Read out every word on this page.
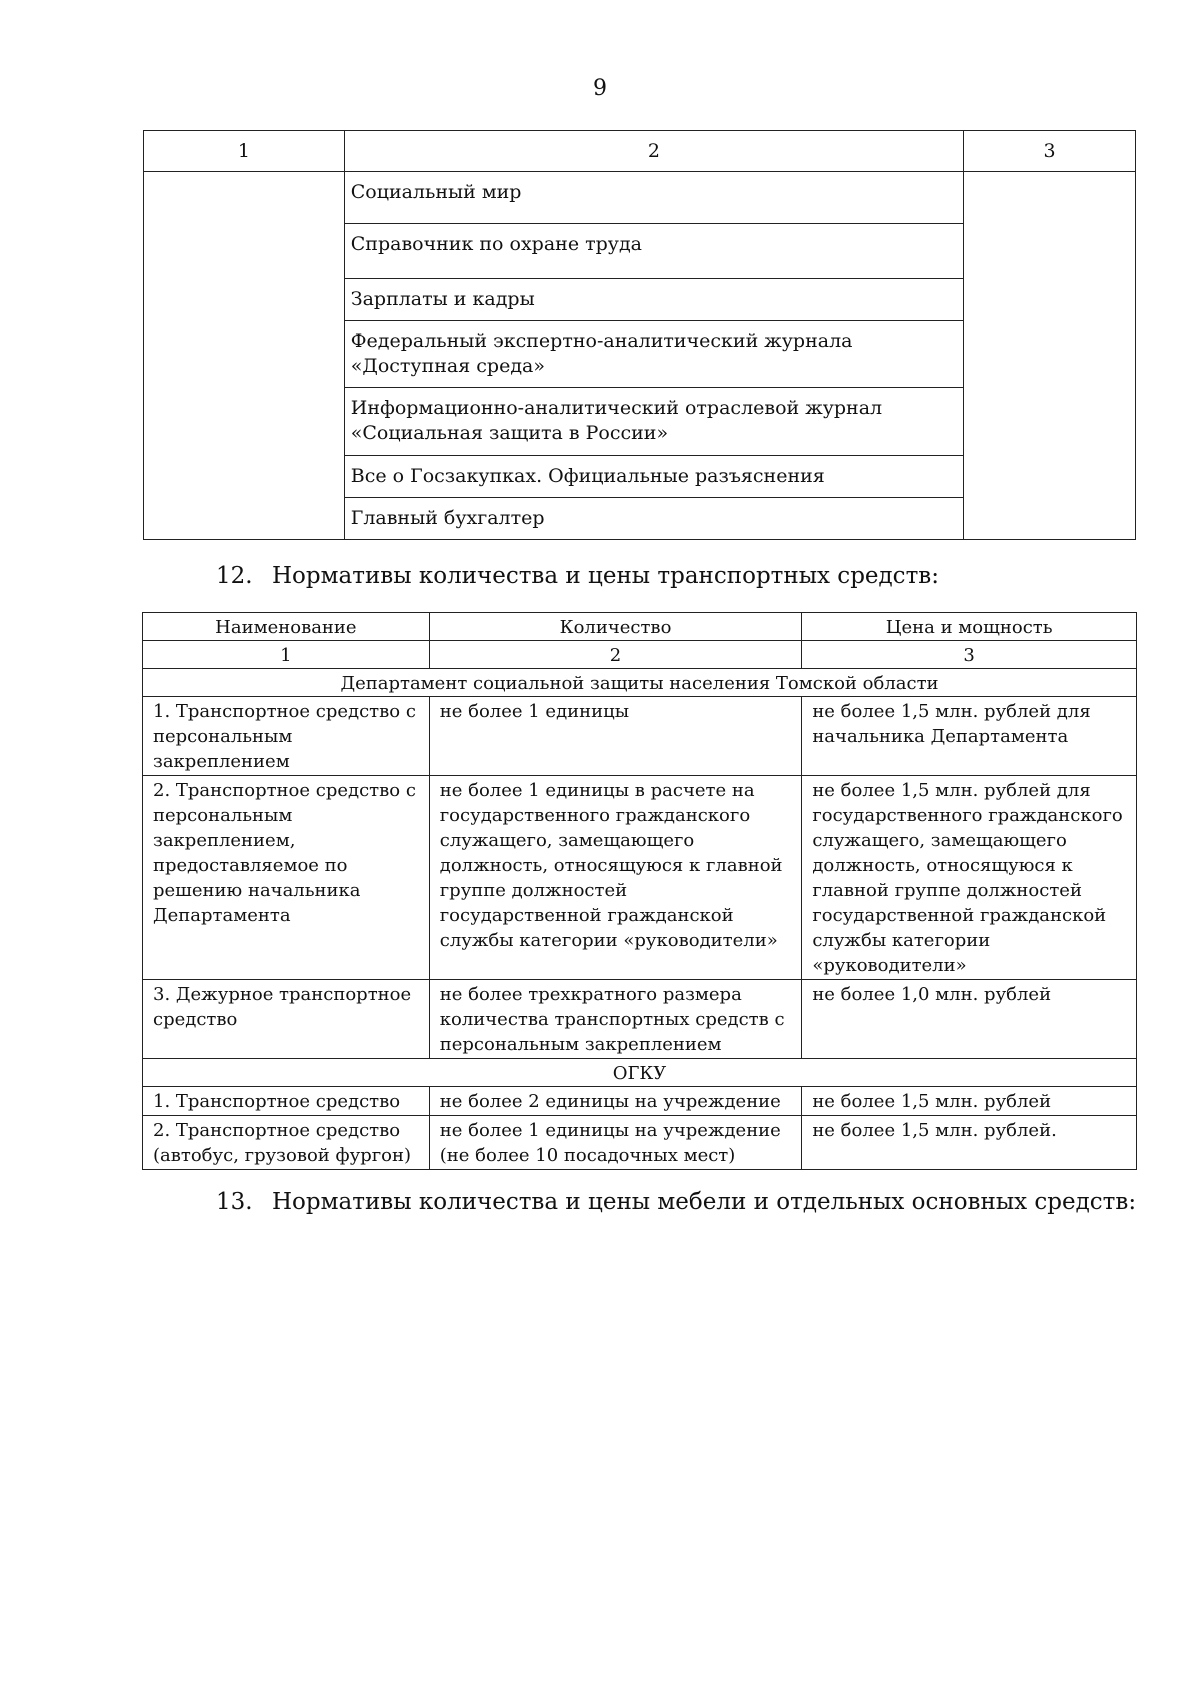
9
1	2	3
	Социальный мир	
	Справочник по охране труда	
	Зарплаты и кадры	
	Федеральный экспертно-аналитический журнала «Доступная среда»	
	Информационно-аналитический отраслевой журнал «Социальная защита в России»	
	Все о Госзакупках. Официальные разъяснения	
	Главный бухгалтер	
12. Нормативы количества и цены транспортных средств:
Наименование	Количество	Цена и мощность
1	2	3
Департамент социальной защиты населения Томской области		
1. Транспортное средство с персональным закреплением	не более 1 единицы	не более 1,5 млн. рублей для начальника Департамента
2. Транспортное средство с персональным закреплением, предоставляемое по решению начальника Департамента	не более 1 единицы в расчете на государственного гражданского служащего, замещающего должность, относящуюся к главной группе должностей государственной гражданской службы категории «руководители»	не более 1,5 млн. рублей для государственного гражданского служащего, замещающего должность, относящуюся к главной группе должностей государственной гражданской службы категории «руководители»
3. Дежурное транспортное средство	не более трехкратного размера количества транспортных средств с персональным закреплением	не более 1,0 млн. рублей
ОГКУ		
1. Транспортное средство	не более 2 единицы на учреждение	не более 1,5 млн. рублей
2. Транспортное средство (автобус, грузовой фургон)	не более 1 единицы на учреждение (не более 10 посадочных мест)	не более 1,5 млн. рублей.
13. Нормативы количества и цены мебели и отдельных основных средств:
